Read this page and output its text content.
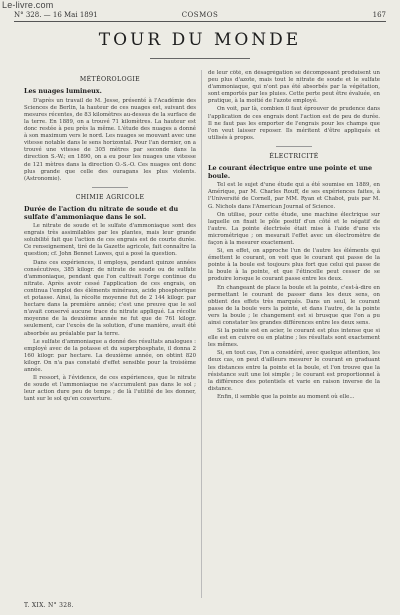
Le-livre.com
N° 328. — 16 Mai 1891	COSMOS	167
TOUR DU MONDE
MÉTÉOROLOGIE
Les nuages lumineux.
D'après un travail de M. Jesse, présenté à l'Académie des Sciences de Berlin, la hauteur de ces nuages est, suivant des mesures récentes, de 83 kilomètres au-dessus de la surface de la terre. En 1889, on a trouvé 71 kilomètres. La hauteur est donc restée à peu près la même. L'étude des nuages a donné à son maximum vers le nord. Les nuages se mouvant avec une vitesse notable dans le sens horizontal. Pour l'an dernier, on a trouvé une vitesse de 305 mètres par seconde dans la direction S.-W.; en 1890, on a eu pour les nuages une vitesse de 121 mètres dans la direction O.-S.-O. Ces nuages ont donc plus grande que celle des ouragans les plus violents. (Astronomie).
CHIMIE AGRICOLE
Durée de l'action du nitrate de soude et du sulfate d'ammoniaque dans le sol.
Le nitrate de soude et le sulfate d'ammoniaque sont des engrais très assimilables par les plantes, mais leur grande solubilité fait que l'action de ces engrais est de courte durée. Ce renseignement, tiré de la Gazette agricole, fait connaître la question; cf. John Bennet Lawes, qui a posé la question.
Dans ces expériences, il employa, pendant quinze années consécutives, 385 kilogr. de nitrate de soude ou de sulfate d'ammoniaque, pendant que l'on cultivait l'orge continue du nitrate. Après avoir cessé l'application de ces engrais, on continua l'emploi des éléments minéraux, acide phosphorique et potasse. Ainsi, la récolte moyenne fut de 2 144 kilogr. par hectare dans la première année; c'est une preuve que le sol n'avait conservé aucune trace du nitrate appliqué. La récolte moyenne de la deuxième année ne fut que de 761 kilogr. seulement, car l'excès de la solution, d'une manière, avait été absorbée au préalable par la terre.
Le sulfate d'ammoniaque a donné des résultats analogues : employé avec de la potasse et du superphosphate, il donna 2 160 kilogr. par hectare. La deuxième année, on obtint 820 kilogr. On n'a pas constaté d'effet sensible pour la troisième année.
Il ressort, à l'évidence, de ces expériences, que le nitrate de soude et l'ammoniaque ne s'accumulent pas dans le sol ; leur action dure peu de temps ; de là l'utilité de les donner, tant sur le sol qu'en couverture.
de leur côté, en désagrégation se décomposant produisent un peu plus d'azote, mais tout le nitrate de soude et le sulfate d'ammoniaque, qui n'ont pas été absorbés par la végétation, sont emportés par les pluies. Cette perte peut être évaluée, en pratique, à la moitié de l'azote employé.
On voit, par là, combien il faut éprouver de prudence dans l'application de ces engrais dont l'action est de peu de durée. Il ne faut pas les emporter de l'engrais pour les champs que l'on veut laisser reposer. Ils méritent d'être appliqués et utilisés à propos.
ÉLECTRICITÉ
Le courant électrique entre une pointe et une boule.
Tel est le sujet d'une étude qui a été soumise en 1889, en Amérique, par M. Charles Rouff, de ses expériences faites, à l'Université de Cornell, par MM. Ryan et Chabot, puis par M. G. Nichols dans l'American Journal of Science.
On utilise, pour cette étude, une machine électrique sur laquelle on fixait le pôle positif d'un côté et le négatif de l'autre. La pointe électrisée était mise à l'aide d'une vis micrométrique ; on mesurait l'effet avec un électromètre de façon à la mesurer exactement.
Si, en effet, on approche l'un de l'autre les éléments qui émettent le courant, on voit que le courant qui passe de la pointe à la boule est toujours plus fort que celui qui passe de la boule à la pointe, et que l'étincelle peut cesser de se produire lorsque le courant passe entre les deux.
En changeant de place la boule et la pointe, c'est-à-dire en permettant le courant de passer dans les deux sens, on obtient des effets très marqués. Dans un seul, le courant passe de la boule vers la pointe, et dans l'autre, de la pointe vers la boule ; le changement est si brusque que l'on a pu ainsi constater les grandes différences entre les deux sens.
Si la pointe est en acier, le courant est plus intense que si elle est en cuivre ou en platine ; les résultats sont exactement les mêmes.
Si, en tout cas, l'on a considéré, avec quelque attention, les deux cas, on peut d'ailleurs mesurer le courant en graduant les distances entre la pointe et la boule, et l'on trouve que la résistance suit une loi simple ; le courant est proportionnel à la différence des potentiels et varie en raison inverse de la distance.
Enfin, il semble que la pointe au moment où elle...
T. XIX. N° 328.
